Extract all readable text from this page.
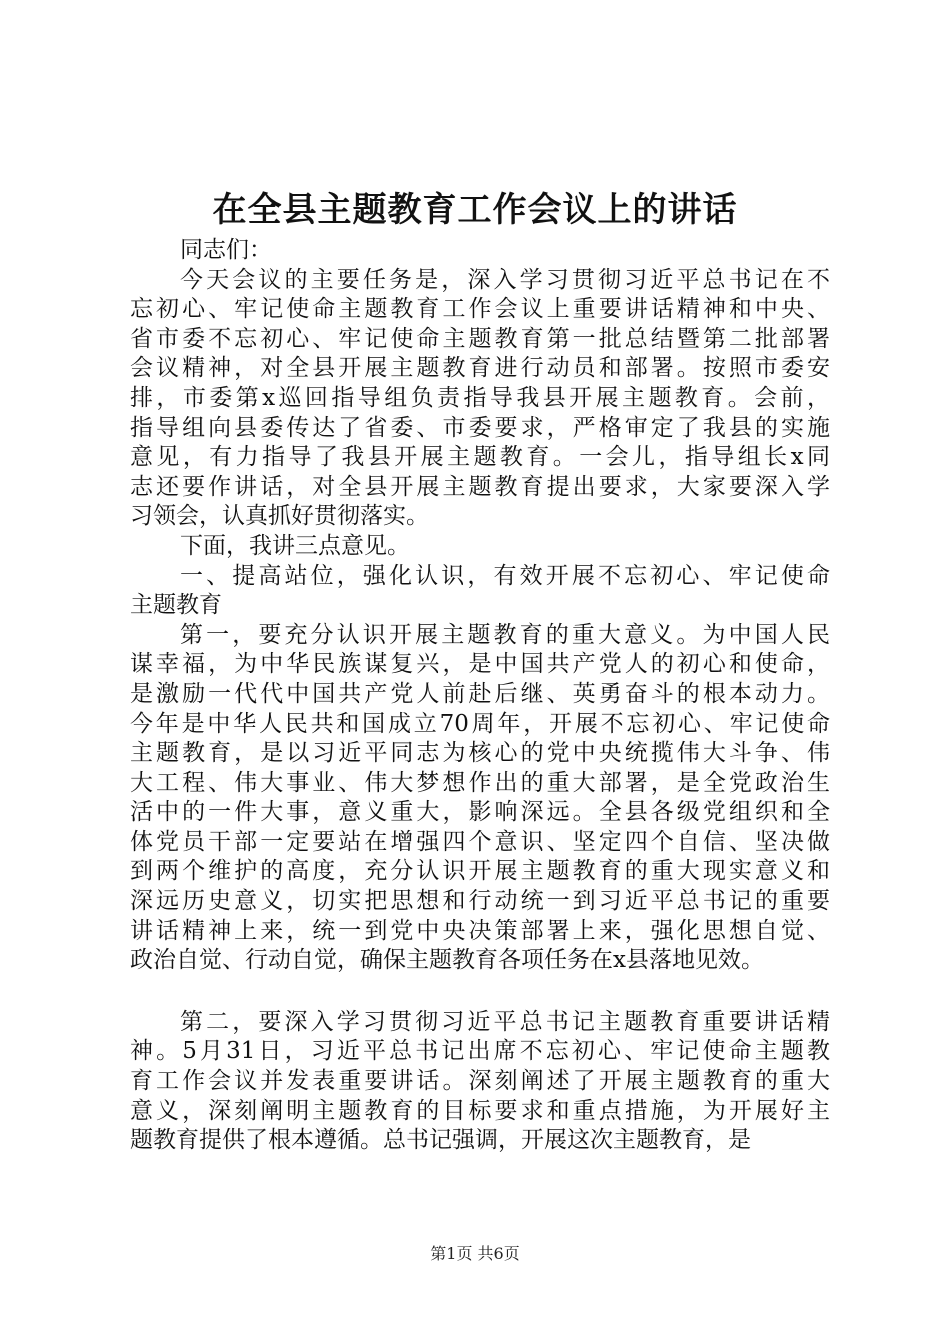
在全县主题教育工作会议上的讲话
同志们：
今天会议的主要任务是，深入学习贯彻习近平总书记在不
忘初心、牢记使命主题教育工作会议上重要讲话精神和中央、
省市委不忘初心、牢记使命主题教育第一批总结暨第二批部署
会议精神，对全县开展主题教育进行动员和部署。按照市委安
排，市委第x巡回指导组负责指导我县开展主题教育。会前，
指导组向县委传达了省委、市委要求，严格审定了我县的实施
意见，有力指导了我县开展主题教育。一会儿，指导组长x同
志还要作讲话，对全县开展主题教育提出要求，大家要深入学
习领会，认真抓好贯彻落实。
下面，我讲三点意见。
一、提高站位，强化认识，有效开展不忘初心、牢记使命
主题教育
第一，要充分认识开展主题教育的重大意义。为中国人民
谋幸福，为中华民族谋复兴，是中国共产党人的初心和使命，
是激励一代代中国共产党人前赴后继、英勇奋斗的根本动力。
今年是中华人民共和国成立70周年，开展不忘初心、牢记使命
主题教育，是以习近平同志为核心的党中央统揽伟大斗争、伟
大工程、伟大事业、伟大梦想作出的重大部署，是全党政治生
活中的一件大事，意义重大，影响深远。全县各级党组织和全
体党员干部一定要站在增强四个意识、坚定四个自信、坚决做
到两个维护的高度，充分认识开展主题教育的重大现实意义和
深远历史意义，切实把思想和行动统一到习近平总书记的重要
讲话精神上来，统一到党中央决策部署上来，强化思想自觉、
政治自觉、行动自觉，确保主题教育各项任务在x县落地见效。
第二，要深入学习贯彻习近平总书记主题教育重要讲话精
神。5月31日，习近平总书记出席不忘初心、牢记使命主题教
育工作会议并发表重要讲话。深刻阐述了开展主题教育的重大
意义，深刻阐明主题教育的目标要求和重点措施，为开展好主
题教育提供了根本遵循。总书记强调，开展这次主题教育，是
第1页 共6页
